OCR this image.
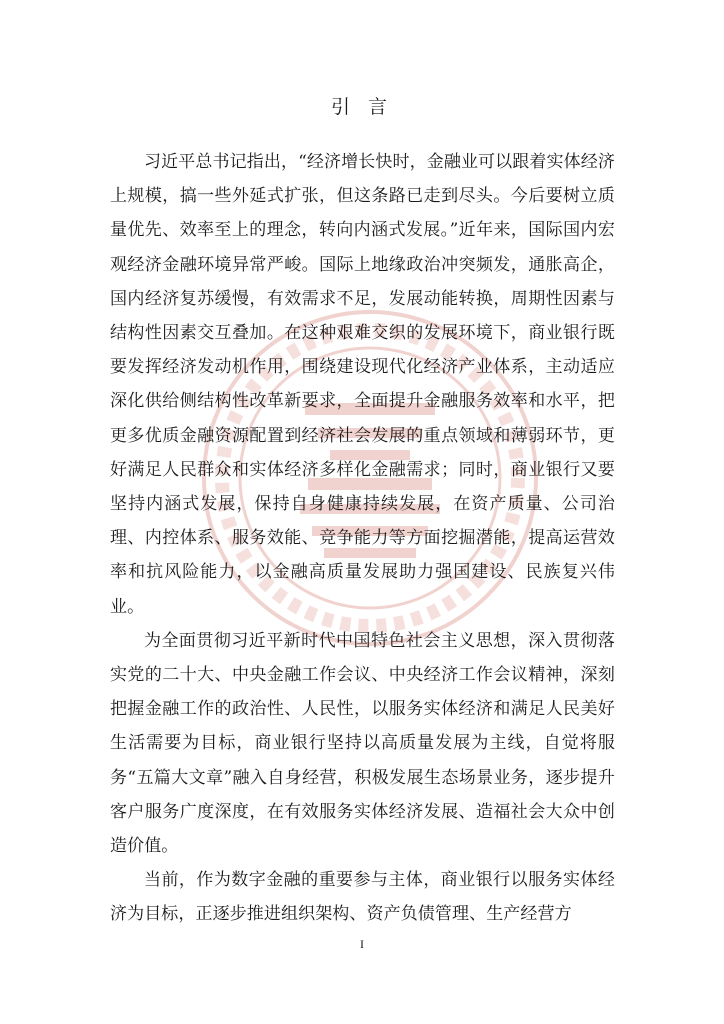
引 言

习近平总书记指出，“经济增长快时，金融业可以跟着实体经济上规模，搞一些外延式扩张，但这条路已走到尽头。今后要树立质量优先、效率至上的理念，转向内涵式发展。”近年来，国际国内宏观经济金融环境异常严峻。国际上地缘政治冲突频发，通胀高企，国内经济复苏缓慢，有效需求不足，发展动能转换，周期性因素与结构性因素交互叠加。在这种艰难交织的发展环境下，商业银行既要发挥经济发动机作用，围绕建设现代化经济产业体系，主动适应深化供给侧结构性改革新要求，全面提升金融服务效率和水平，把更多优质金融资源配置到经济社会发展的重点领域和薄弱环节，更好满足人民群众和实体经济多样化金融需求；同时，商业银行又要坚持内涵式发展，保持自身健康持续发展，在资产质量、公司治理、内控体系、服务效能、竞争能力等方面挖掘潜能，提高运营效率和抗风险能力，以金融高质量发展助力强国建设、民族复兴伟业。

为全面贯彻习近平新时代中国特色社会主义思想，深入贯彻落实党的二十大、中央金融工作会议、中央经济工作会议精神，深刻把握金融工作的政治性、人民性，以服务实体经济和满足人民美好生活需要为目标，商业银行坚持以高质量发展为主线，自觉将服务“五篇大文章”融入自身经营，积极发展生态场景业务，逐步提升客户服务广度深度，在有效服务实体经济发展、造福社会大众中创造价值。

当前，作为数字金融的重要参与主体，商业银行以服务实体经济为目标，正逐步推进组织架构、资产负债管理、生产经营方

I
